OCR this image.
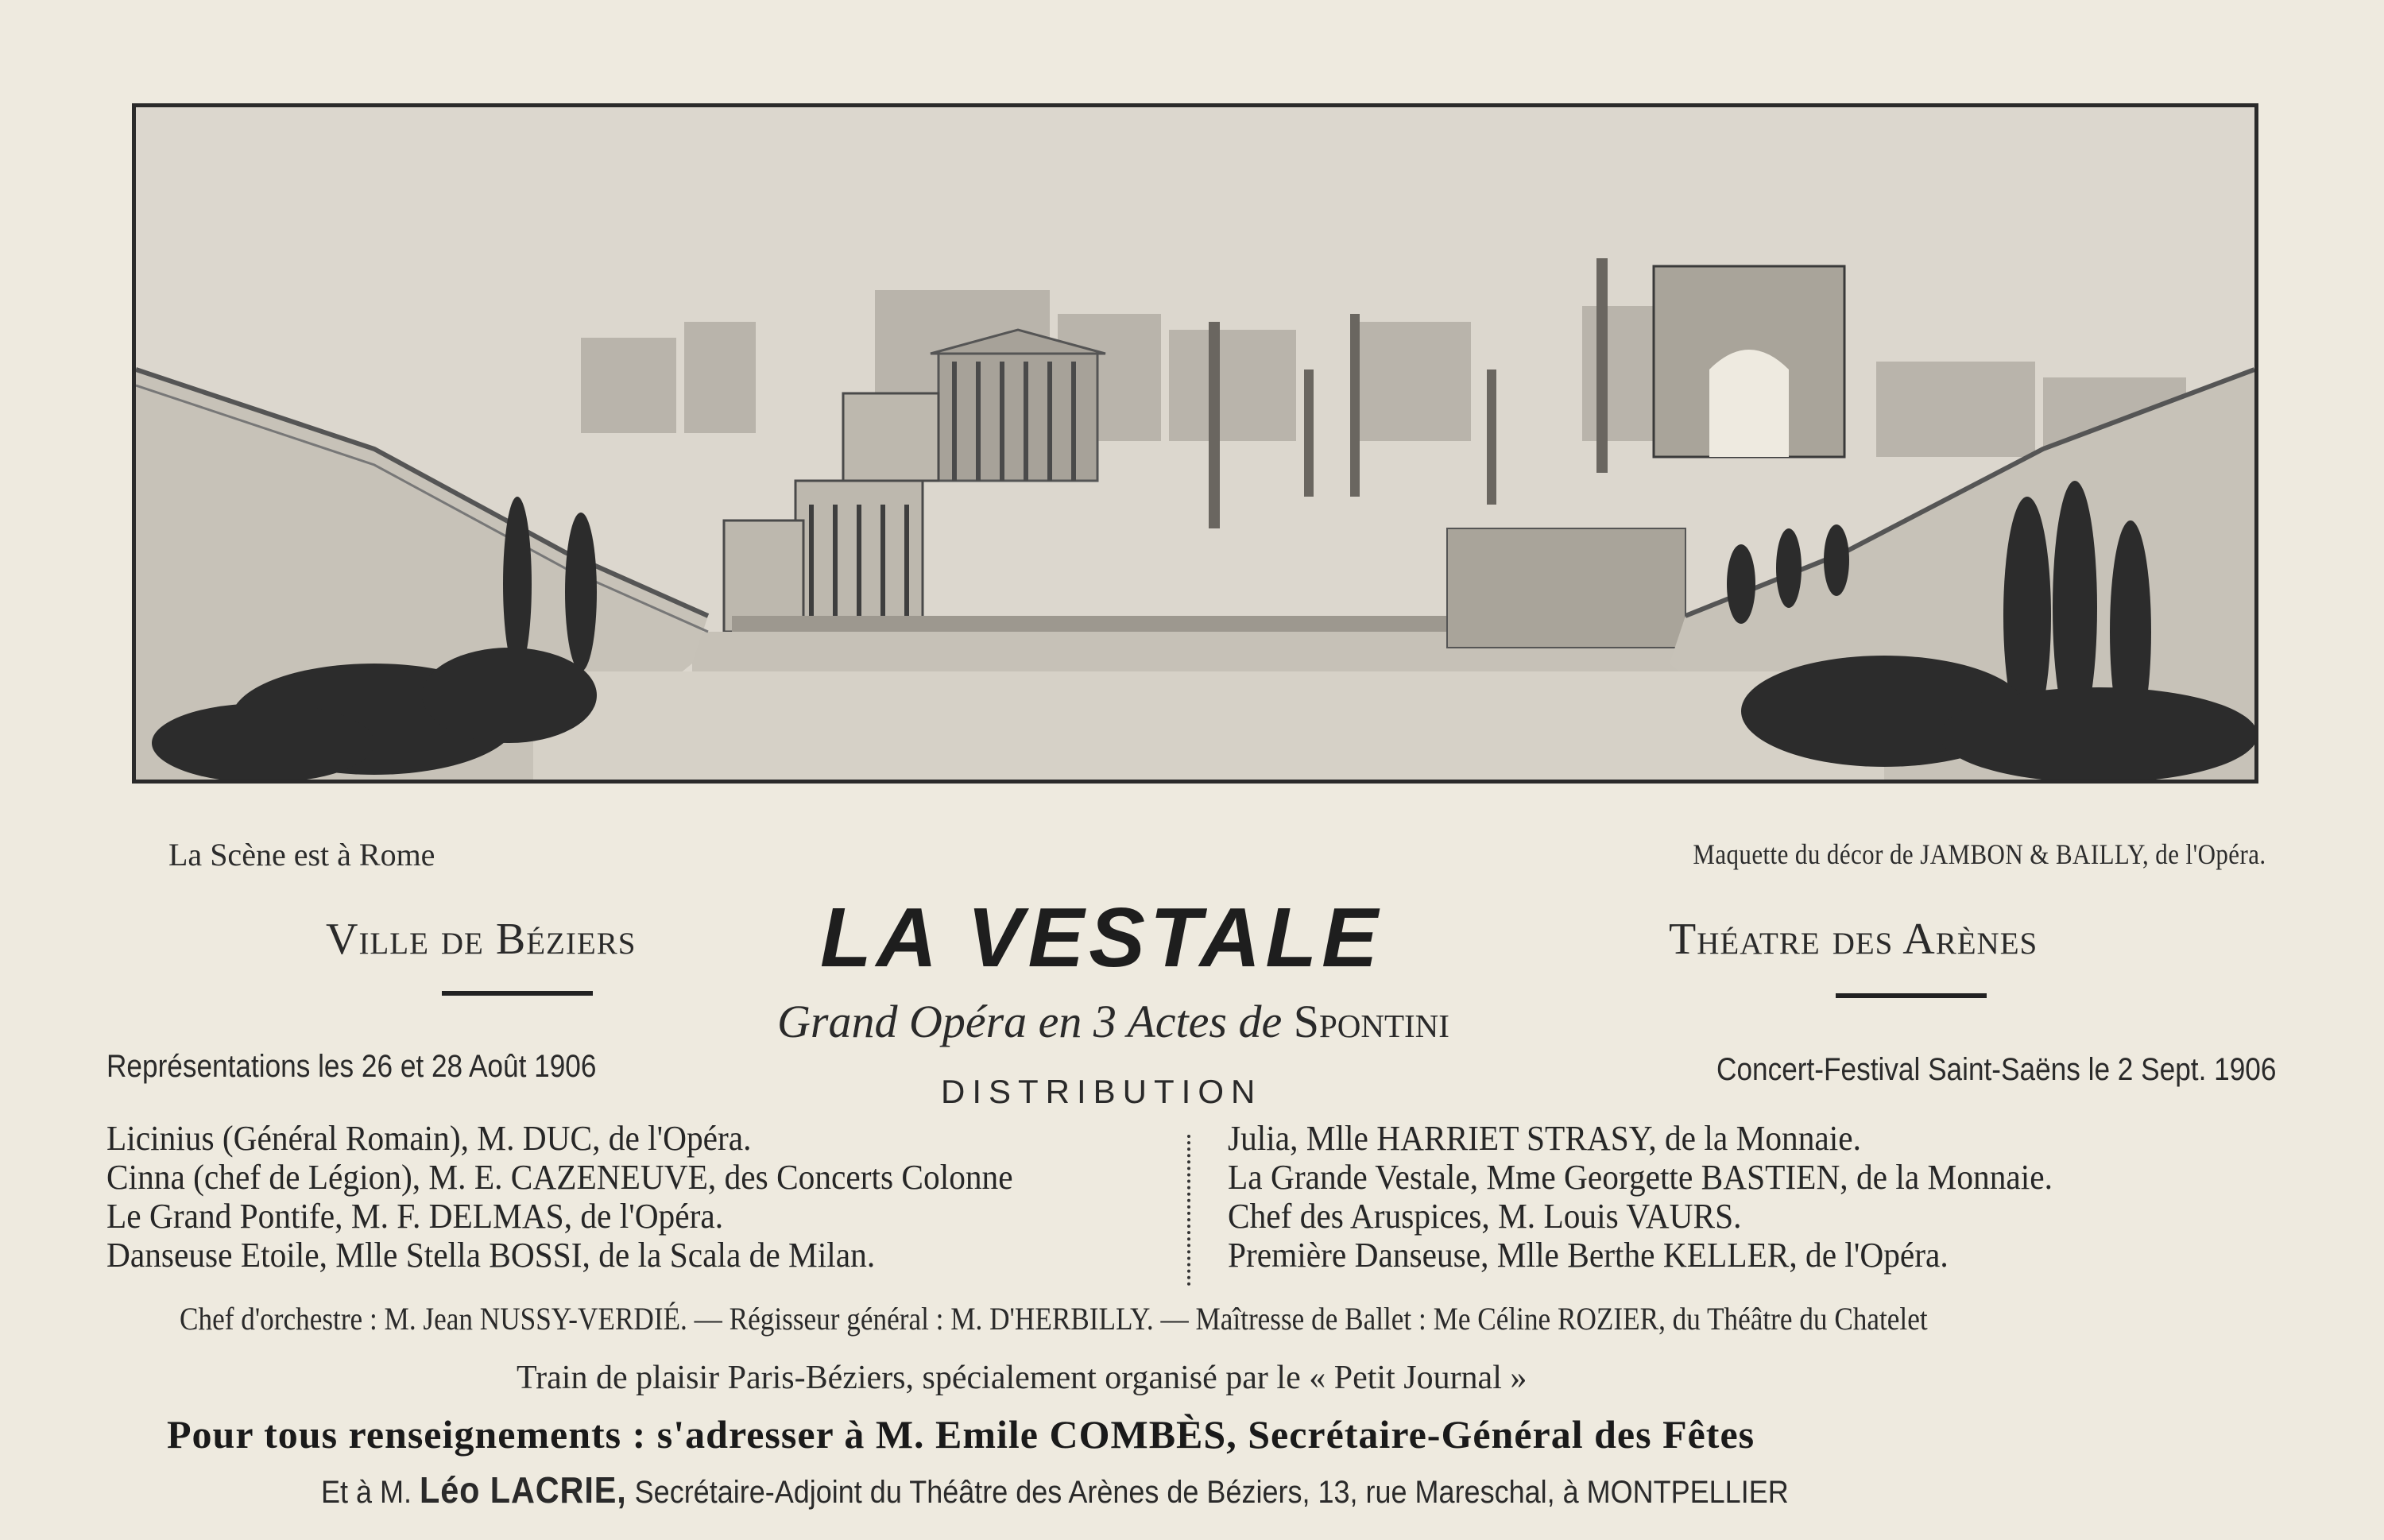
La Scène est à Rome	Maquette du décor de JAMBON & BAILLY, de l'Opéra.
Ville de Béziers LA VESTALE	Théatre des Arènes
Grand Opéra en 3 Actes de Spontini
Représentations les 26 et 28 Août 1906	Concert-Festival Saint-Saëns le 2 Sept. 1906
DISTRIBUTION
Licinius (Général Romain), M. DUC, de l'Opéra.
Cinna (chef de Légion), M. E. CAZENEUVE, des Concerts Colonne
Le Grand Pontife, M. F. DELMAS, de l'Opéra.
Danseuse Etoile, Mlle Stella BOSSI, de la Scala de Milan.
Julia, Mlle HARRIET STRASY, de la Monnaie.
La Grande Vestale, Mme Georgette BASTIEN, de la Monnaie.
Chef des Aruspices, M. Louis VAURS.
Première Danseuse, Mlle Berthe KELLER, de l'Opéra.
Chef d'orchestre : M. Jean NUSSY-VERDIÉ. — Régisseur général : M. D'HERBILLY. — Maîtresse de Ballet : Me Céline ROZIER, du Théâtre du Chatelet
Train de plaisir Paris-Béziers, spécialement organisé par le « Petit Journal »
Pour tous renseignements : s'adresser à M. Emile COMBÈS, Secrétaire-Général des Fêtes
Et à M. Léo LACRIE, Secrétaire-Adjoint du Théâtre des Arènes de Béziers, 13, rue Mareschal, à MONTPELLIER
